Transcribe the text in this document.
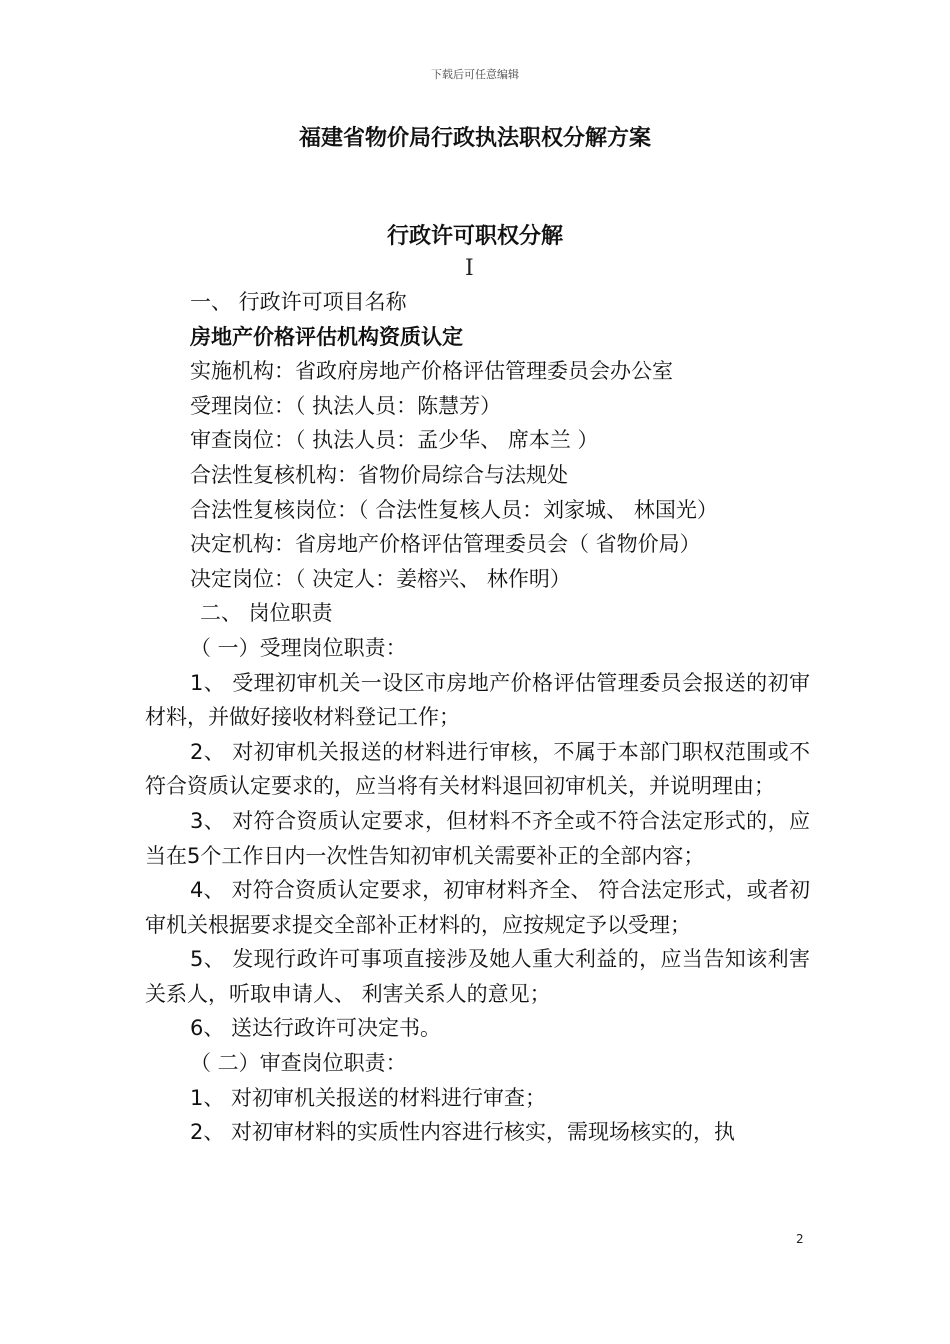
下载后可任意编辑
福建省物价局行政执法职权分解方案
行政许可职权分解
I
一、 行政许可项目名称
房地产价格评估机构资质认定
实施机构：省政府房地产价格评估管理委员会办公室
受理岗位：（ 执法人员：陈慧芳）
审查岗位：（ 执法人员：孟少华、 席本兰 ）
合法性复核机构：省物价局综合与法规处
合法性复核岗位：（ 合法性复核人员：刘家城、 林国光）
决定机构：省房地产价格评估管理委员会（ 省物价局）
决定岗位：（ 决定人：姜榕兴、 林作明）
二、 岗位职责
（ 一）受理岗位职责：
1、 受理初审机关一设区市房地产价格评估管理委员会报送的初审材料，并做好接收材料登记工作；
2、 对初审机关报送的材料进行审核，不属于本部门职权范围或不符合资质认定要求的，应当将有关材料退回初审机关，并说明理由；
3、 对符合资质认定要求，但材料不齐全或不符合法定形式的，应当在5个工作日内一次性告知初审机关需要补正的全部内容；
4、 对符合资质认定要求，初审材料齐全、 符合法定形式，或者初审机关根据要求提交全部补正材料的，应按规定予以受理；
5、 发现行政许可事项直接涉及她人重大利益的，应当告知该利害关系人，听取申请人、 利害关系人的意见；
6、 送达行政许可决定书。
（ 二）审查岗位职责：
1、 对初审机关报送的材料进行审查；
2、 对初审材料的实质性内容进行核实，需现场核实的，执
2
